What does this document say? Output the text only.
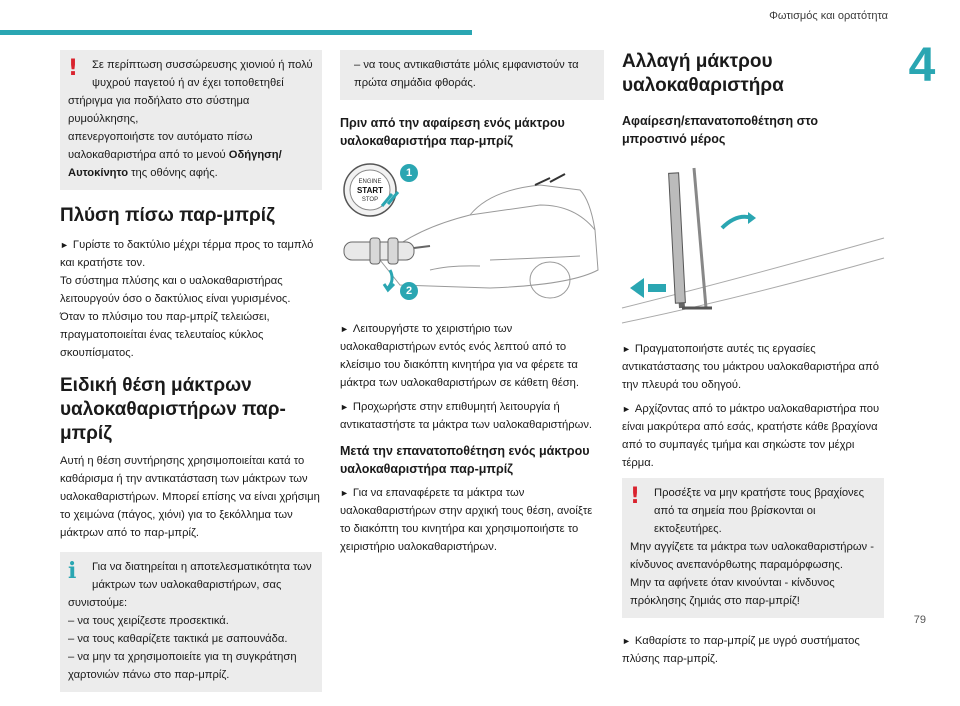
Φωτισμός και ορατότητα
4
79
!	Σε περίπτωση συσσώρευσης χιονιού ή πολύ
ψυχρού παγετού ή αν έχει τοποθετηθεί
στήριγμα για ποδήλατο στο σύστημα ρυμούλκησης,
απενεργοποιήστε τον αυτόματο πίσω
υαλοκαθαριστήρα από το μενού Οδήγηση/
Αυτοκίνητο της οθόνης αφής.
Πλύση πίσω παρ-μπρίζ
► Γυρίστε το δακτύλιο μέχρι τέρμα προς το ταμπλό και κρατήστε τον.
Το σύστημα πλύσης και ο υαλοκαθαριστήρας λειτουργούν όσο ο δακτύλιος είναι γυρισμένος.
Όταν το πλύσιμο του παρ-μπρίζ τελειώσει, πραγματοποιείται ένας τελευταίος κύκλος σκουπίσματος.
Ειδική θέση μάκτρων
υαλοκαθαριστήρων παρ-μπρίζ
Αυτή η θέση συντήρησης χρησιμοποιείται κατά το καθάρισμα ή την αντικατάσταση των μάκτρων των υαλοκαθαριστήρων. Μπορεί επίσης να είναι χρήσιμη το χειμώνα (πάγος, χιόνι) για το ξεκόλλημα των μάκτρων από το παρ-μπρίζ.
i	Για να διατηρείται η αποτελεσματικότητα των
μάκτρων των υαλοκαθαριστήρων, σας
συνιστούμε:
– να τους χειρίζεστε προσεκτικά.
– να τους καθαρίζετε τακτικά με σαπουνάδα.
– να μην τα χρησιμοποιείτε για τη συγκράτηση χαρτονιών πάνω στο παρ-μπρίζ.
– να τους αντικαθιστάτε μόλις εμφανιστούν τα πρώτα σημάδια φθοράς.
Πριν από την αφαίρεση ενός μάκτρου υαλοκαθαριστήρα παρ-μπρίζ
ENGINE
START
STOP
1
2
► Λειτουργήστε το χειριστήριο των υαλοκαθαριστήρων εντός ενός λεπτού από το κλείσιμο του διακόπτη κινητήρα για να φέρετε τα μάκτρα των υαλοκαθαριστήρων σε κάθετη θέση.
► Προχωρήστε στην επιθυμητή λειτουργία ή αντικαταστήστε τα μάκτρα των υαλοκαθαριστήρων.
Μετά την επανατοποθέτηση ενός μάκτρου υαλοκαθαριστήρα παρ-μπρίζ
► Για να επαναφέρετε τα μάκτρα των υαλοκαθαριστήρων στην αρχική τους θέση, ανοίξτε το διακόπτη του κινητήρα και χρησιμοποιήστε το χειριστήριο υαλοκαθαριστήρων.
Αλλαγή μάκτρου
υαλοκαθαριστήρα
Αφαίρεση/επανατοποθέτηση στο μπροστινό μέρος
► Πραγματοποιήστε αυτές τις εργασίες αντικατάστασης του μάκτρου υαλοκαθαριστήρα από την πλευρά του οδηγού.
► Αρχίζοντας από το μάκτρο υαλοκαθαριστήρα που είναι μακρύτερα από εσάς, κρατήστε κάθε βραχίονα από το συμπαγές τμήμα και σηκώστε τον μέχρι τέρμα.
!	Προσέξτε να μην κρατήστε τους βραχίονες
από τα σημεία που βρίσκονται οι εκτοξευτήρες.
Μην αγγίζετε τα μάκτρα των υαλοκαθαριστήρων - κίνδυνος ανεπανόρθωτης παραμόρφωσης.
Μην τα αφήνετε όταν κινούνται - κίνδυνος πρόκλησης ζημιάς στο παρ-μπρίζ!
► Καθαρίστε το παρ-μπρίζ με υγρό συστήματος πλύσης παρ-μπρίζ.
